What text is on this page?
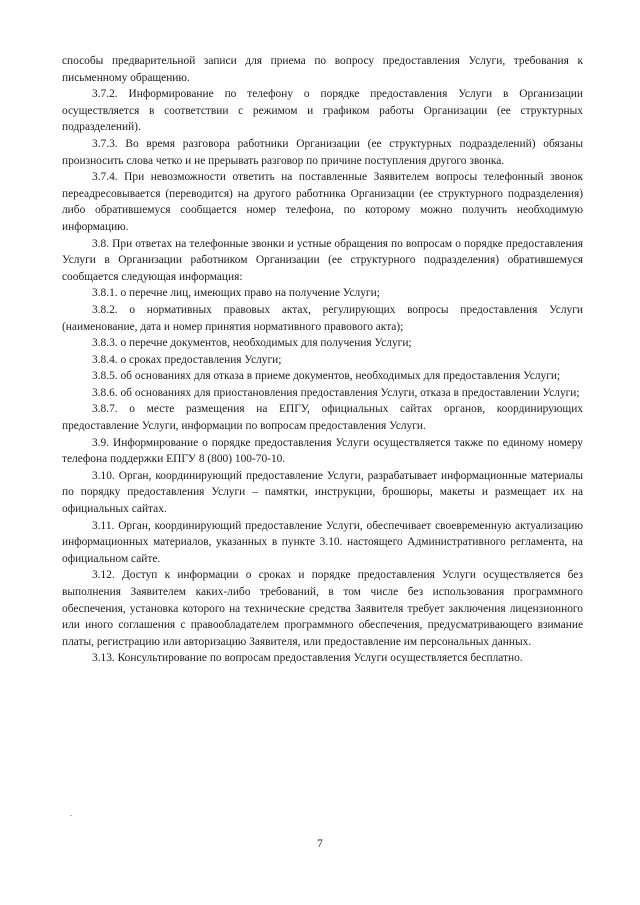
способы предварительной записи для приема по вопросу предоставления Услуги, требования к письменному обращению.

3.7.2. Информирование по телефону о порядке предоставления Услуги в Организации осуществляется в соответствии с режимом и графиком работы Организации (ее структурных подразделений).

3.7.3. Во время разговора работники Организации (ее структурных подразделений) обязаны произносить слова четко и не прерывать разговор по причине поступления другого звонка.

3.7.4. При невозможности ответить на поставленные Заявителем вопросы телефонный звонок переадресовывается (переводится) на другого работника Организации (ее структурного подразделения) либо обратившемуся сообщается номер телефона, по которому можно получить необходимую информацию.

3.8. При ответах на телефонные звонки и устные обращения по вопросам о порядке предоставления Услуги в Организации работником Организации (ее структурного подразделения) обратившемуся сообщается следующая информация:

3.8.1. о перечне лиц, имеющих право на получение Услуги;

3.8.2. о нормативных правовых актах, регулирующих вопросы предоставления Услуги (наименование, дата и номер принятия нормативного правового акта);

3.8.3. о перечне документов, необходимых для получения Услуги;

3.8.4. о сроках предоставления Услуги;

3.8.5. об основаниях для отказа в приеме документов, необходимых для предоставления Услуги;

3.8.6. об основаниях для приостановления предоставления Услуги, отказа в предоставлении Услуги;

3.8.7. о месте размещения на ЕПГУ, официальных сайтах органов, координирующих предоставление Услуги, информации по вопросам предоставления Услуги.

3.9. Информирование о порядке предоставления Услуги осуществляется также по единому номеру телефона поддержки ЕПГУ 8 (800) 100-70-10.

3.10. Орган, координирующий предоставление Услуги, разрабатывает информационные материалы по порядку предоставления Услуги – памятки, инструкции, брошюры, макеты и размещает их на официальных сайтах.

3.11. Орган, координирующий предоставление Услуги, обеспечивает своевременную актуализацию информационных материалов, указанных в пункте 3.10. настоящего Административного регламента, на официальном сайте.

3.12. Доступ к информации о сроках и порядке предоставления Услуги осуществляется без выполнения Заявителем каких-либо требований, в том числе без использования программного обеспечения, установка которого на технические средства Заявителя требует заключения лицензионного или иного соглашения с правообладателем программного обеспечения, предусматривающего взимание платы, регистрацию или авторизацию Заявителя, или предоставление им персональных данных.

3.13. Консультирование по вопросам предоставления Услуги осуществляется бесплатно.

7
